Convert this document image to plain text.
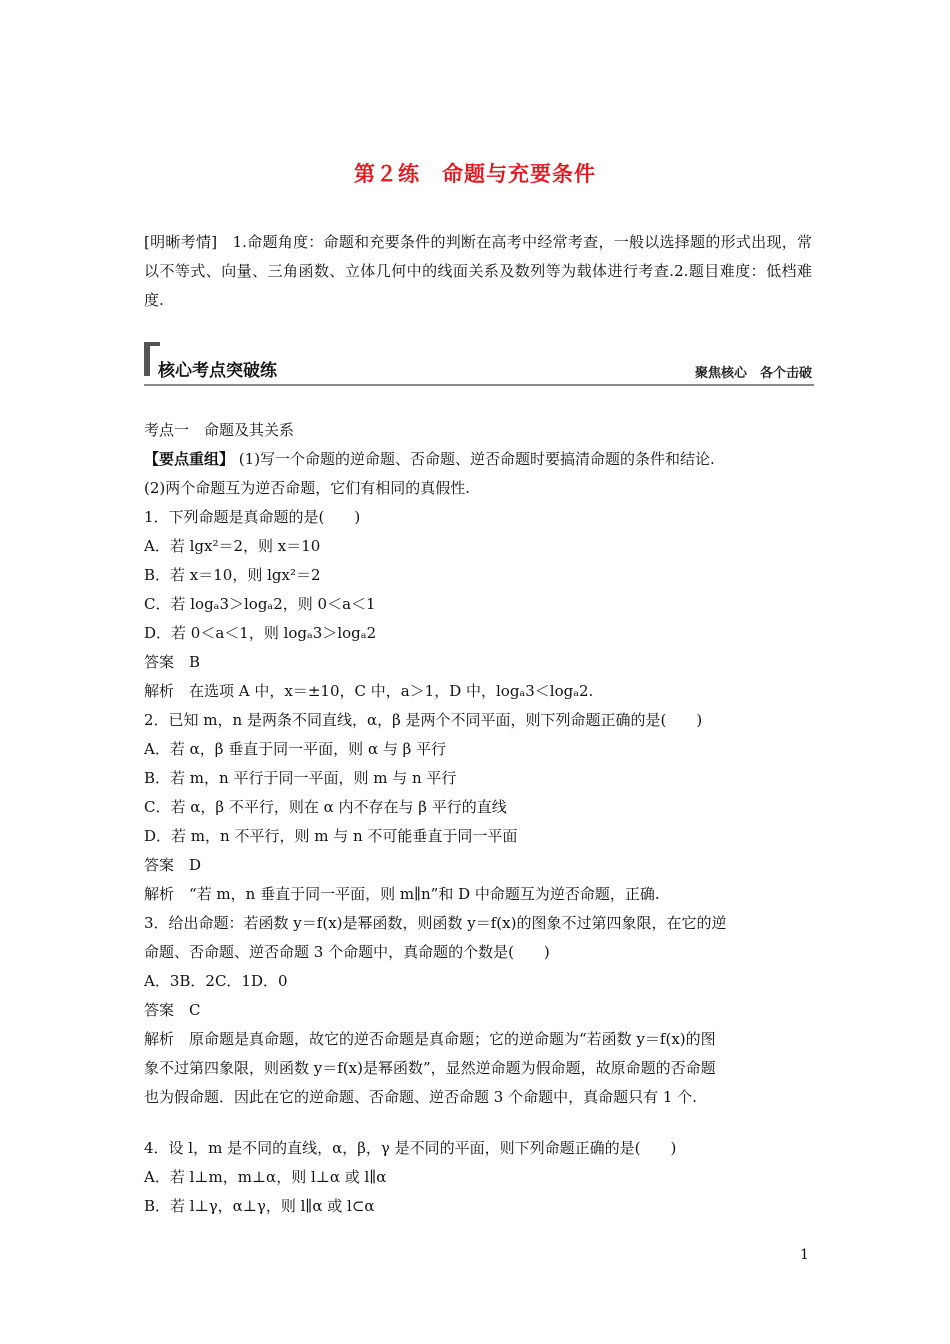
第２练　命题与充要条件
[明晰考情]　1.命题角度：命题和充要条件的判断在高考中经常考查，一般以选择题的形式出现，常以不等式、向量、三角函数、立体几何中的线面关系及数列等为载体进行考查.2.题目难度：低档难度.
核心考点突破练	聚焦核心　各个击破
考点一　命题及其关系
【要点重组】 (1)写一个命题的逆命题、否命题、逆否命题时要搞清命题的条件和结论.
(2)两个命题互为逆否命题，它们有相同的真假性.
1．下列命题是真命题的是(　　)
A．若 lgx²＝2，则 x＝10
B．若 x＝10，则 lgx²＝2
C．若 logₐ3＞logₐ2，则 0＜a＜1
D．若 0＜a＜1，则 logₐ3＞logₐ2
答案　B
解析　在选项 A 中，x＝±10，C 中，a＞1，D 中，logₐ3＜logₐ2.
2．已知 m，n 是两条不同直线，α，β 是两个不同平面，则下列命题正确的是(　　)
A．若 α，β 垂直于同一平面，则 α 与 β 平行
B．若 m，n 平行于同一平面，则 m 与 n 平行
C．若 α，β 不平行，则在 α 内不存在与 β 平行的直线
D．若 m，n 不平行，则 m 与 n 不可能垂直于同一平面
答案　D
解析　“若 m，n 垂直于同一平面，则 m∥n”和 D 中命题互为逆否命题，正确.
3．给出命题：若函数 y＝f(x)是幂函数，则函数 y＝f(x)的图象不过第四象限，在它的逆
命题、否命题、逆否命题 3 个命题中，真命题的个数是(　　)
A．3B．2C．1D．0
答案　C
解析　原命题是真命题，故它的逆否命题是真命题；它的逆命题为“若函数 y＝f(x)的图
象不过第四象限，则函数 y＝f(x)是幂函数”，显然逆命题为假命题，故原命题的否命题
也为假命题．因此在它的逆命题、否命题、逆否命题 3 个命题中，真命题只有 1 个.
4．设 l，m 是不同的直线，α，β，γ 是不同的平面，则下列命题正确的是(　　)
A．若 l⊥m，m⊥α，则 l⊥α 或 l∥α
B．若 l⊥γ，α⊥γ，则 l∥α 或 l⊂α
1
